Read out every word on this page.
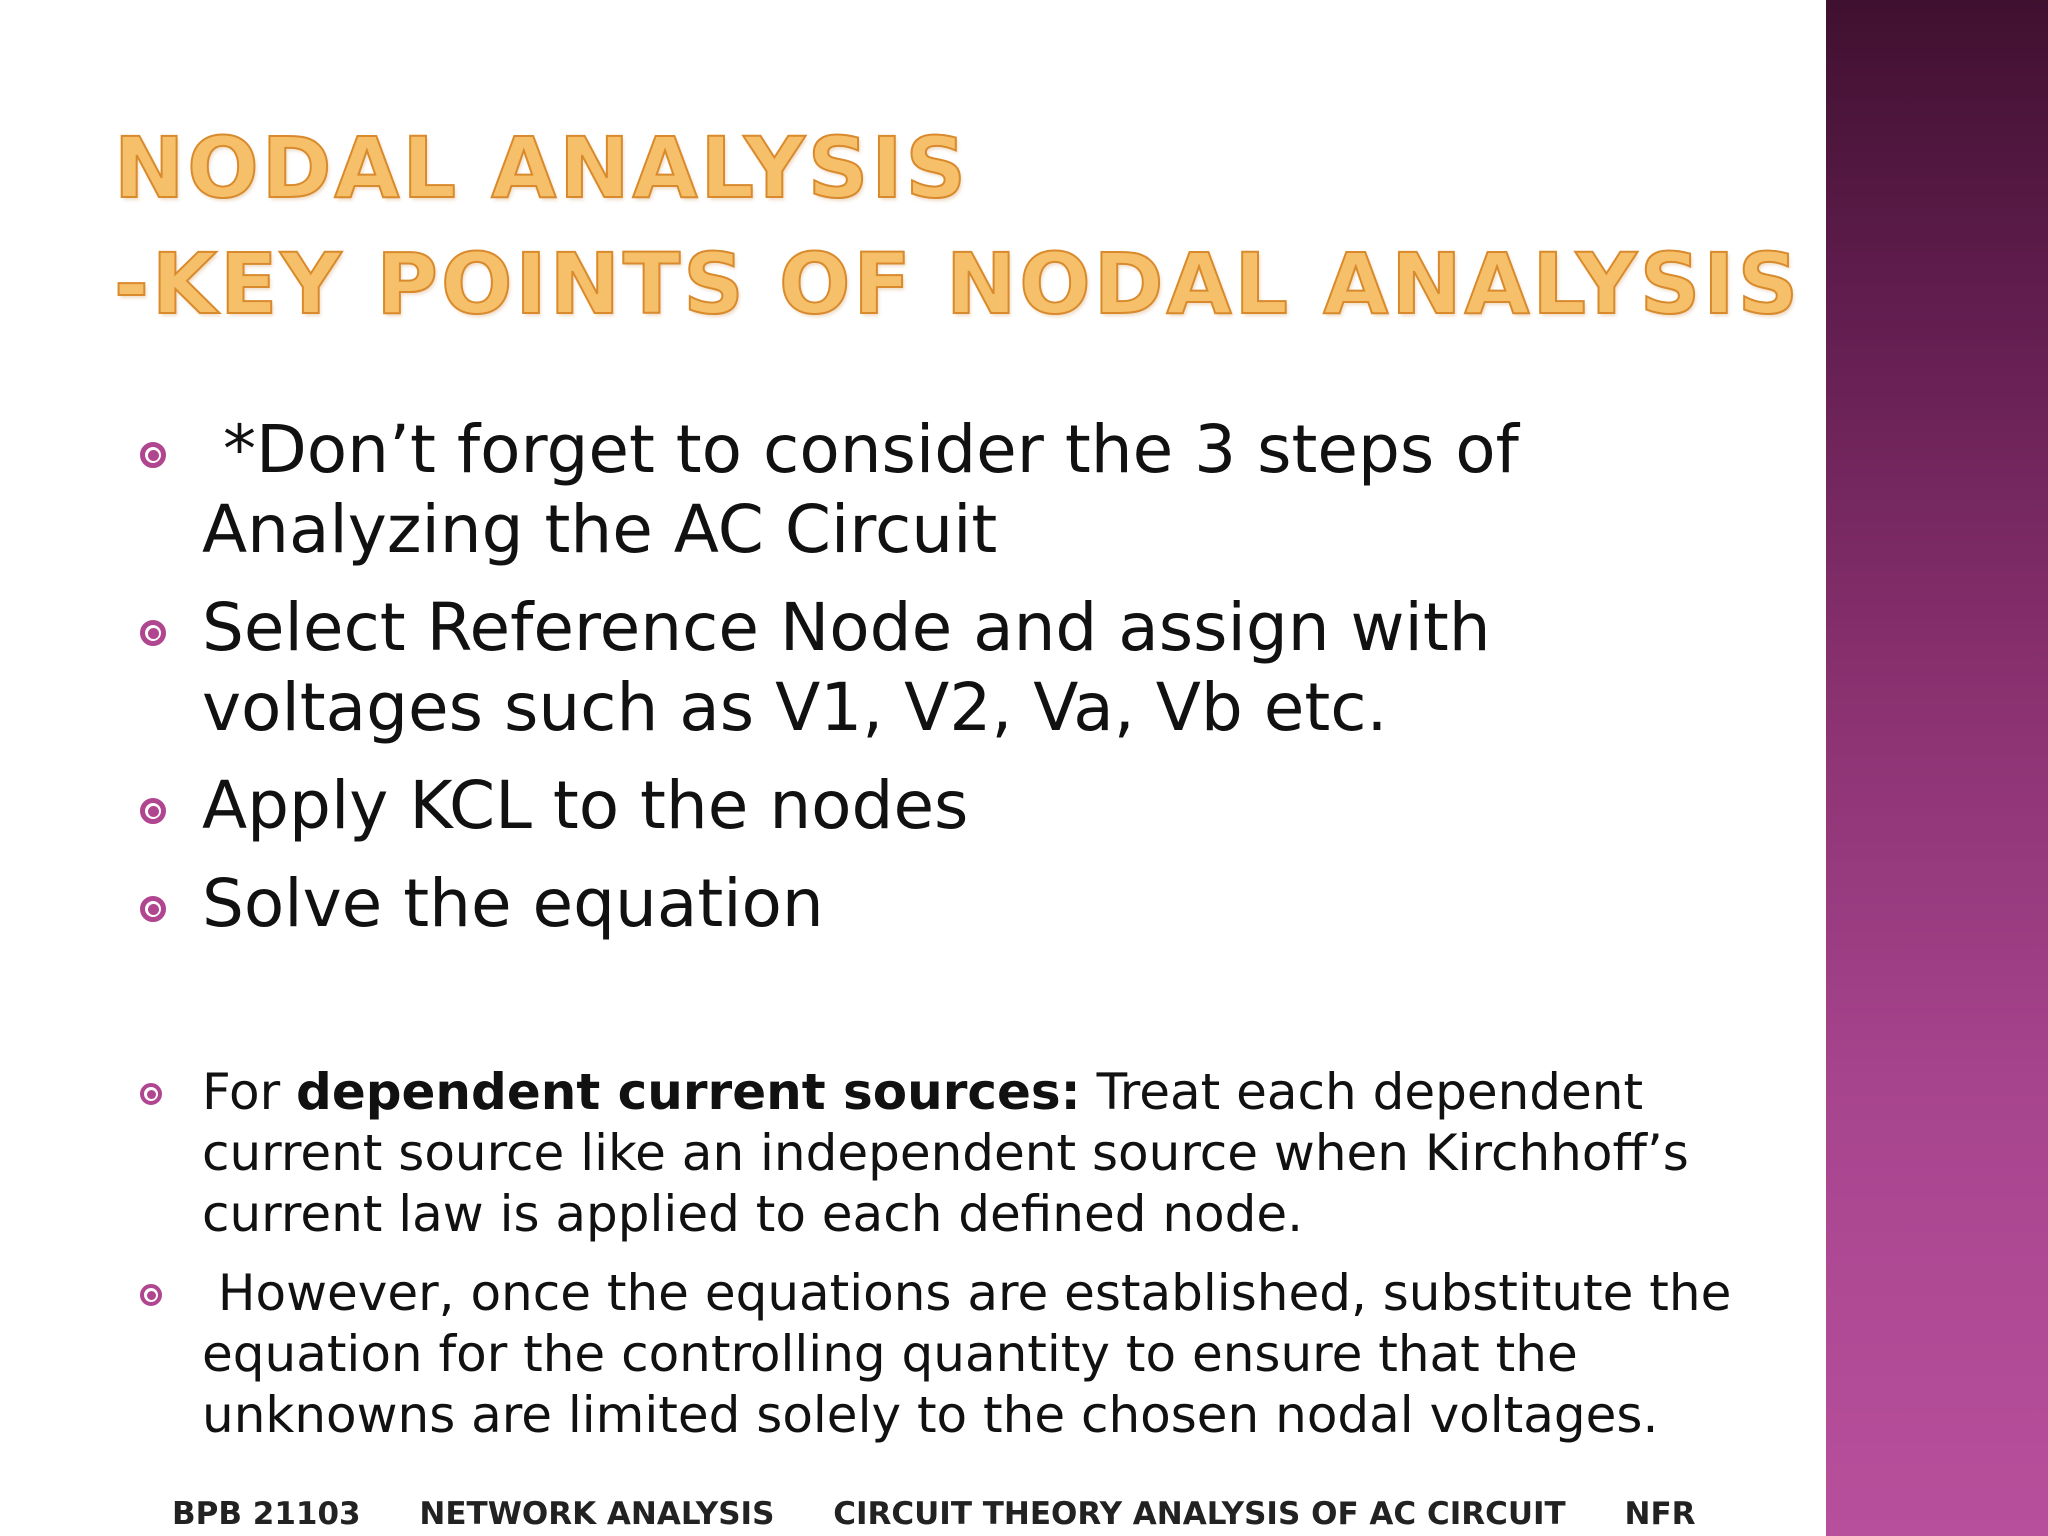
NODAL ANALYSIS
-KEY POINTS OF NODAL ANALYSIS
*Don’t forget to consider the 3 steps of Analyzing the AC Circuit
Select Reference Node and assign with voltages such as V1, V2, Va, Vb etc.
Apply KCL to the nodes
Solve the equation
For dependent current sources: Treat each dependent current source like an independent source when Kirchhoff’s current law is applied to each defined node.
However, once the equations are established, substitute the equation for the controlling quantity to ensure that the unknowns are limited solely to the chosen nodal voltages.
BPB 21103 NETWORK ANALYSIS CIRCUIT THEORY ANALYSIS OF AC CIRCUIT NFR
